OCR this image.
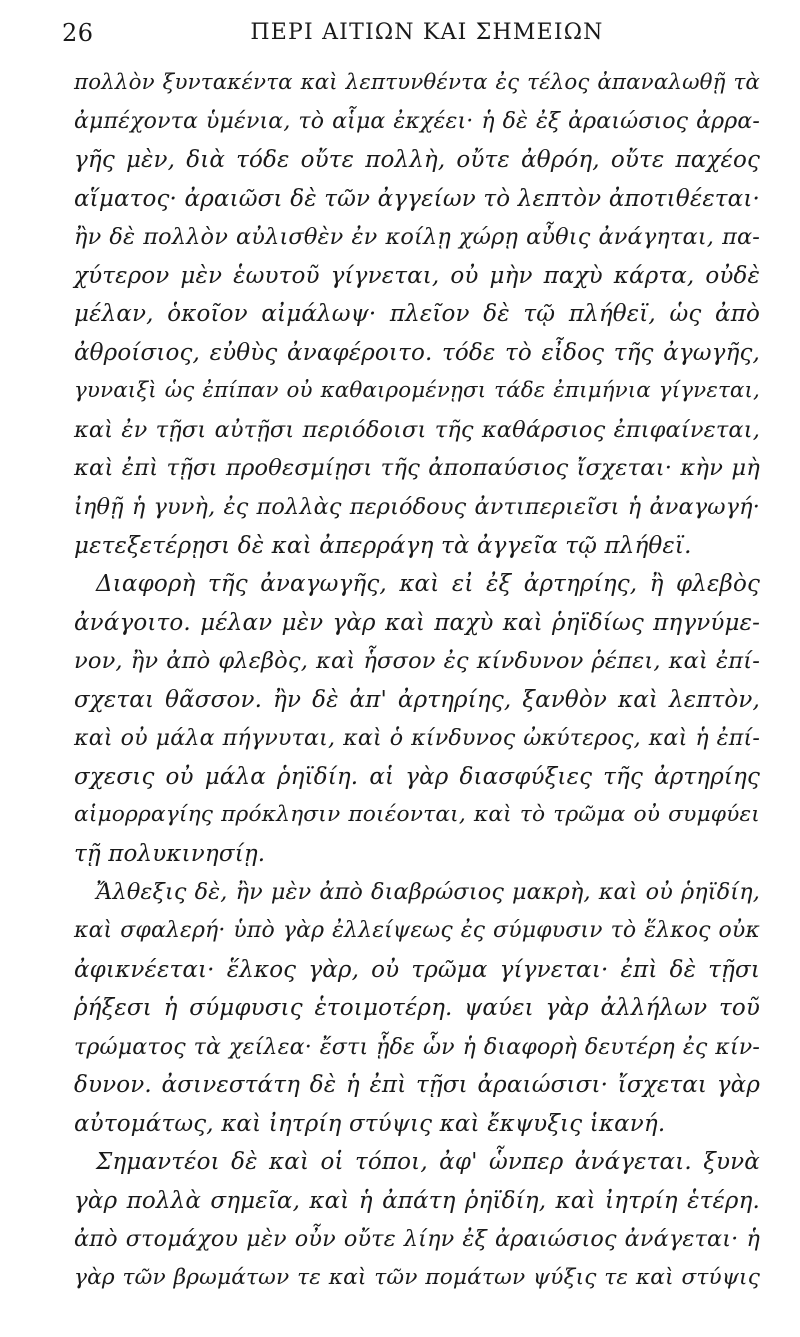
26	ΠΕΡΙ ΑΙΤΙΩΝ ΚΑΙ ΣΗΜΕΙΩΝ
πολλὸν ξυντακέντα καὶ λεπτυνθέντα ἐς τέλος ἀπαναλωθῇ τὰ
ἀμπέχοντα ὑμένια, τὸ αἷμα ἐκχέει· ἡ δὲ ἐξ ἀραιώσιος ἀρρα-
γῆς μὲν, διὰ τόδε οὔτε πολλὴ, οὔτε ἀθρόη, οὔτε παχέος
αἵματος· ἀραιῶσι δὲ τῶν ἀγγείων τὸ λεπτὸν ἀποτιθέεται·
ἢν δὲ πολλὸν αὐλισθὲν ἐν κοίλῃ χώρῃ αὖθις ἀνάγηται, πα-
χύτερον μὲν ἑωυτοῦ γίγνεται, οὐ μὴν παχὺ κάρτα, οὐδὲ
μέλαν, ὁκοῖον αἰμάλωψ· πλεῖον δὲ τῷ πλήθεϊ, ὡς ἀπὸ
ἀθροίσιος, εὐθὺς ἀναφέροιτο. τόδε τὸ εἶδος τῆς ἀγωγῆς,
γυναιξὶ ὡς ἐπίπαν οὐ καθαιρομένῃσι τάδε ἐπιμήνια γίγνεται,
καὶ ἐν τῇσι αὐτῇσι περιόδοισι τῆς καθάρσιος ἐπιφαίνεται,
καὶ ἐπὶ τῇσι προθεσμίῃσι τῆς ἀποπαύσιος ἴσχεται· κὴν μὴ
ἰηθῇ ἡ γυνὴ, ἐς πολλὰς περιόδους ἀντιπεριεῖσι ἡ ἀναγωγή·
μετεξετέρῃσι δὲ καὶ ἀπερράγη τὰ ἀγγεῖα τῷ πλήθεϊ.
Διαφορὴ τῆς ἀναγωγῆς, καὶ εἰ ἐξ ἀρτηρίης, ἢ φλεβὸς
ἀνάγοιτο. μέλαν μὲν γὰρ καὶ παχὺ καὶ ῥηϊδίως πηγνύμε-
νον, ἢν ἀπὸ φλεβὸς, καὶ ἧσσον ἐς κίνδυνον ῥέπει, καὶ ἐπί-
σχεται θᾶσσον. ἢν δὲ ἀπ' ἀρτηρίης, ξανθὸν καὶ λεπτὸν,
καὶ οὐ μάλα πήγνυται, καὶ ὁ κίνδυνος ὠκύτερος, καὶ ἡ ἐπί-
σχεσις οὐ μάλα ῥηϊδίη. αἱ γὰρ διασφύξιες τῆς ἀρτηρίης
αἱμορραγίης πρόκλησιν ποιέονται, καὶ τὸ τρῶμα οὐ συμφύει
τῇ πολυκινησίῃ.
Ἄλθεξις δὲ, ἢν μὲν ἀπὸ διαβρώσιος μακρὴ, καὶ οὐ ῥηϊδίη,
καὶ σφαλερή· ὑπὸ γὰρ ἐλλείψεως ἐς σύμφυσιν τὸ ἕλκος οὐκ
ἀφικνέεται· ἕλκος γὰρ, οὐ τρῶμα γίγνεται· ἐπὶ δὲ τῇσι
ῥήξεσι ἡ σύμφυσις ἑτοιμοτέρη. ψαύει γὰρ ἀλλήλων τοῦ
τρώματος τὰ χείλεα· ἔστι ᾗδε ὧν ἡ διαφορὴ δευτέρη ἐς κίν-
δυνον. ἀσινεστάτη δὲ ἡ ἐπὶ τῇσι ἀραιώσισι· ἴσχεται γὰρ
αὐτομάτως, καὶ ἰητρίη στύψις καὶ ἔκψυξις ἱκανή.
Σημαντέοι δὲ καὶ οἱ τόποι, ἀφ' ὧνπερ ἀνάγεται. ξυνὰ
γὰρ πολλὰ σημεῖα, καὶ ἡ ἀπάτη ῥηϊδίη, καὶ ἰητρίη ἑτέρη.
ἀπὸ στομάχου μὲν οὖν οὔτε λίην ἐξ ἀραιώσιος ἀνάγεται· ἡ
γὰρ τῶν βρωμάτων τε καὶ τῶν πομάτων ψύξις τε καὶ στύψις
